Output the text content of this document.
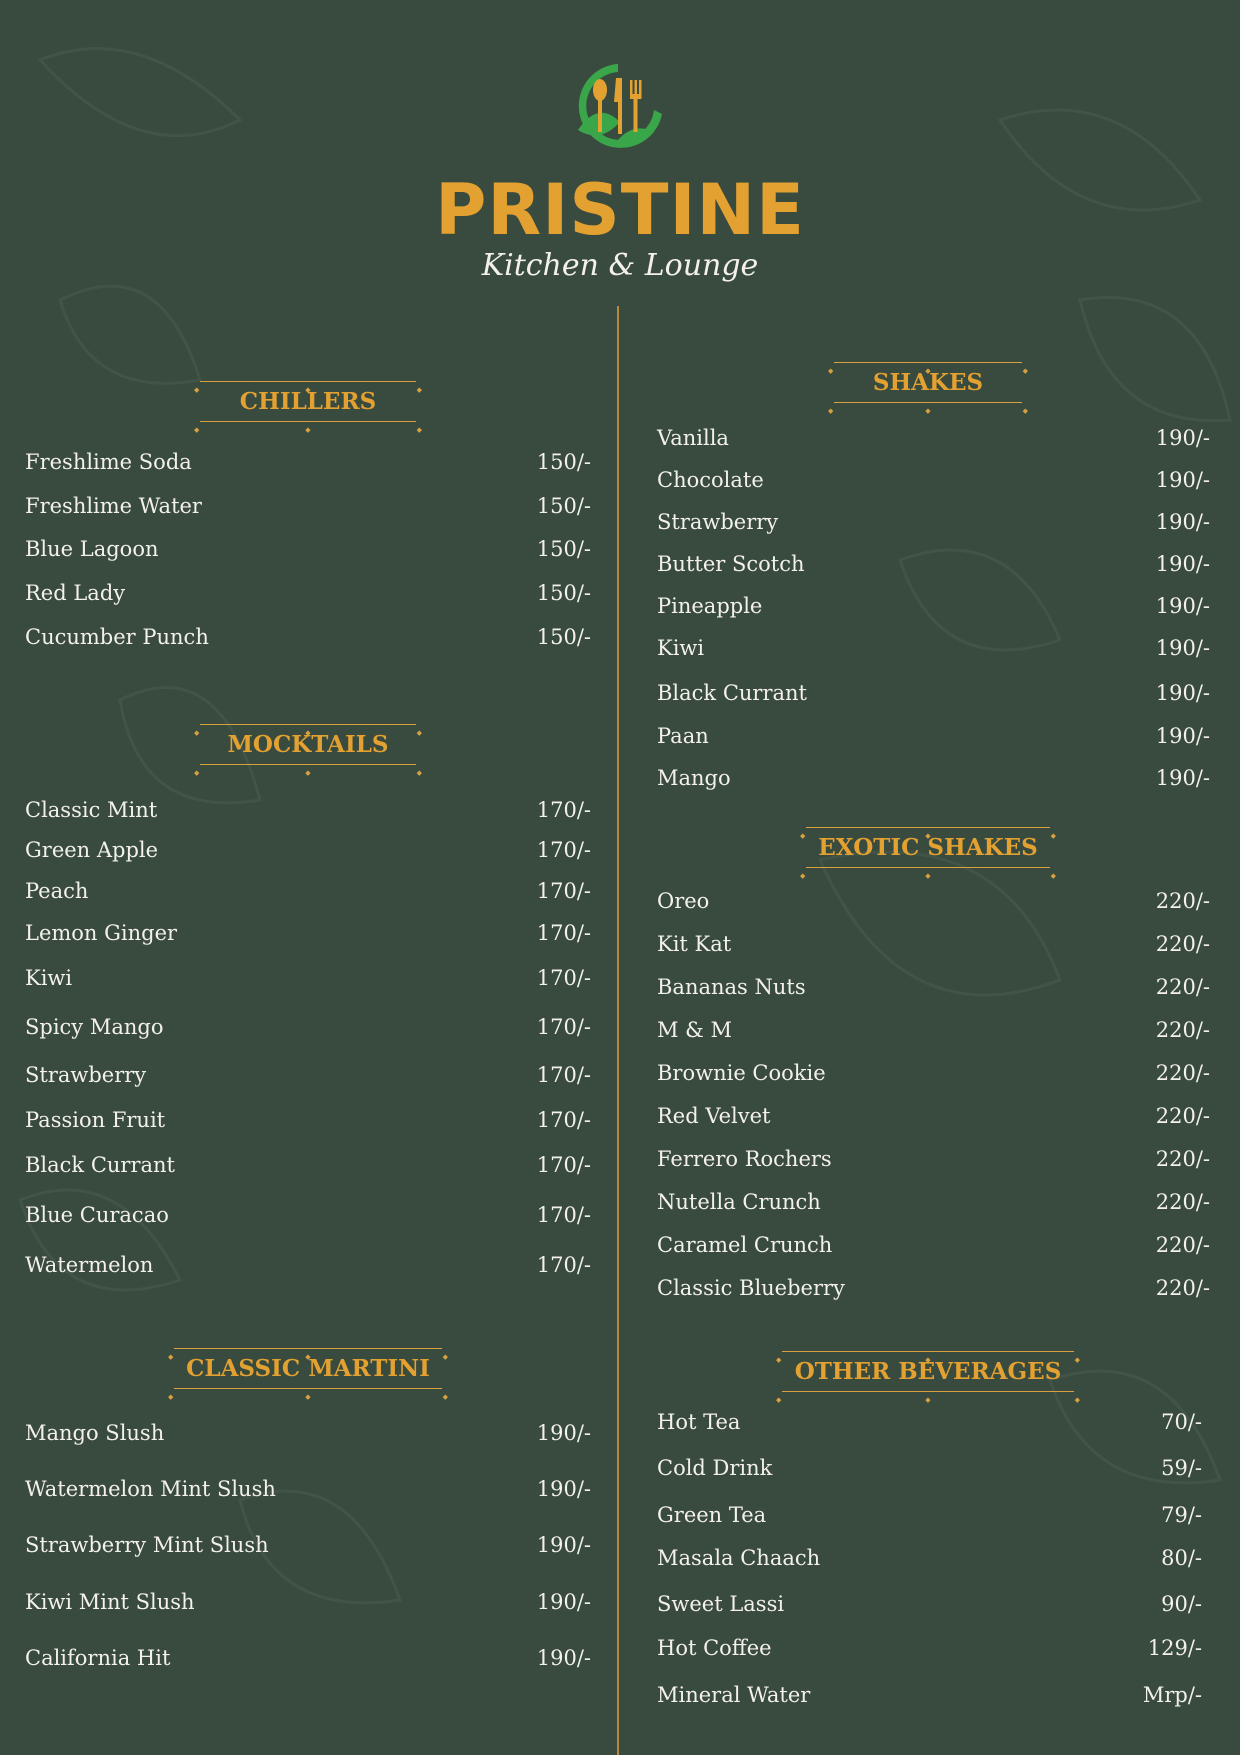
PRISTINE
Kitchen & Lounge
◆ ◆ ◆
CHILLERS
◆ ◆ ◆
Freshlime Soda	150/-
Freshlime Water	150/-
Blue Lagoon	150/-
Red Lady	150/-
Cucumber Punch	150/-
◆ ◆ ◆
MOCKTAILS
◆ ◆ ◆
Classic Mint	170/-
Green Apple	170/-
Peach	170/-
Lemon Ginger	170/-
Kiwi	170/-
Spicy Mango	170/-
Strawberry	170/-
Passion Fruit	170/-
Black Currant	170/-
Blue Curacao	170/-
Watermelon	170/-
◆ ◆ ◆
CLASSIC MARTINI
◆ ◆ ◆
Mango Slush	190/-
Watermelon Mint Slush	190/-
Strawberry Mint Slush	190/-
Kiwi Mint Slush	190/-
California Hit	190/-
◆ ◆ ◆
SHAKES
◆ ◆ ◆
Vanilla	190/-
Chocolate	190/-
Strawberry	190/-
Butter Scotch	190/-
Pineapple	190/-
Kiwi	190/-
Black Currant	190/-
Paan	190/-
Mango	190/-
◆ ◆ ◆
EXOTIC SHAKES
◆ ◆ ◆
Oreo	220/-
Kit Kat	220/-
Bananas Nuts	220/-
M & M	220/-
Brownie Cookie	220/-
Red Velvet	220/-
Ferrero Rochers	220/-
Nutella Crunch	220/-
Caramel Crunch	220/-
Classic Blueberry	220/-
◆ ◆ ◆
OTHER BEVERAGES
◆ ◆ ◆
Hot Tea	70/-
Cold Drink	59/-
Green Tea	79/-
Masala Chaach	80/-
Sweet Lassi	90/-
Hot Coffee	129/-
Mineral Water	Mrp/-
